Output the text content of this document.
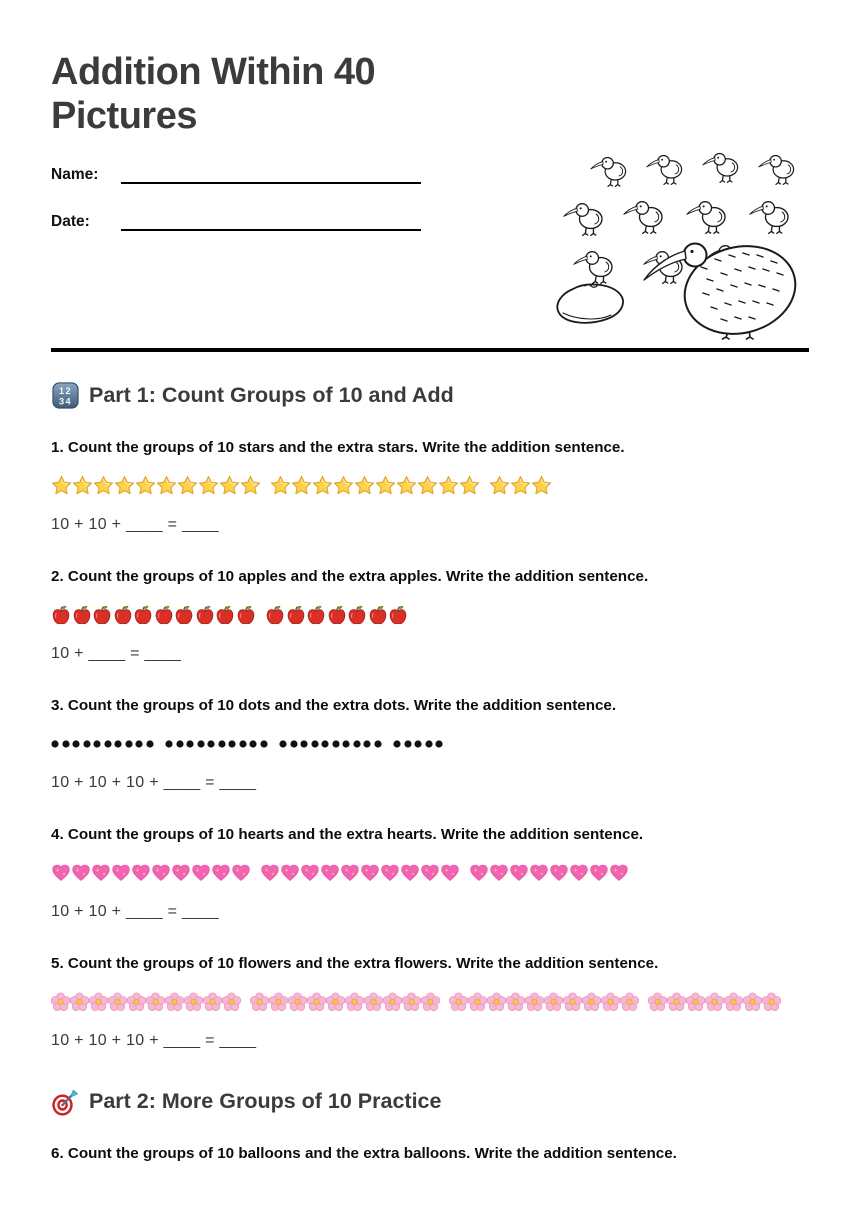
Addition Within 40
Pictures
Name:
Date:
12
34 Part 1: Count Groups of 10 and Add

1. Count the groups of 10 stars and the extra stars. Write the addition sentence.

10 + 10 + ____ = ____

2. Count the groups of 10 apples and the extra apples. Write the addition sentence.

10 + ____ = ____

3. Count the groups of 10 dots and the extra dots. Write the addition sentence.

10 + 10 + 10 + ____ = ____

4. Count the groups of 10 hearts and the extra hearts. Write the addition sentence.

10 + 10 + ____ = ____

5. Count the groups of 10 flowers and the extra flowers. Write the addition sentence.

10 + 10 + 10 + ____ = ____

Part 2: More Groups of 10 Practice

6. Count the groups of 10 balloons and the extra balloons. Write the addition sentence.
